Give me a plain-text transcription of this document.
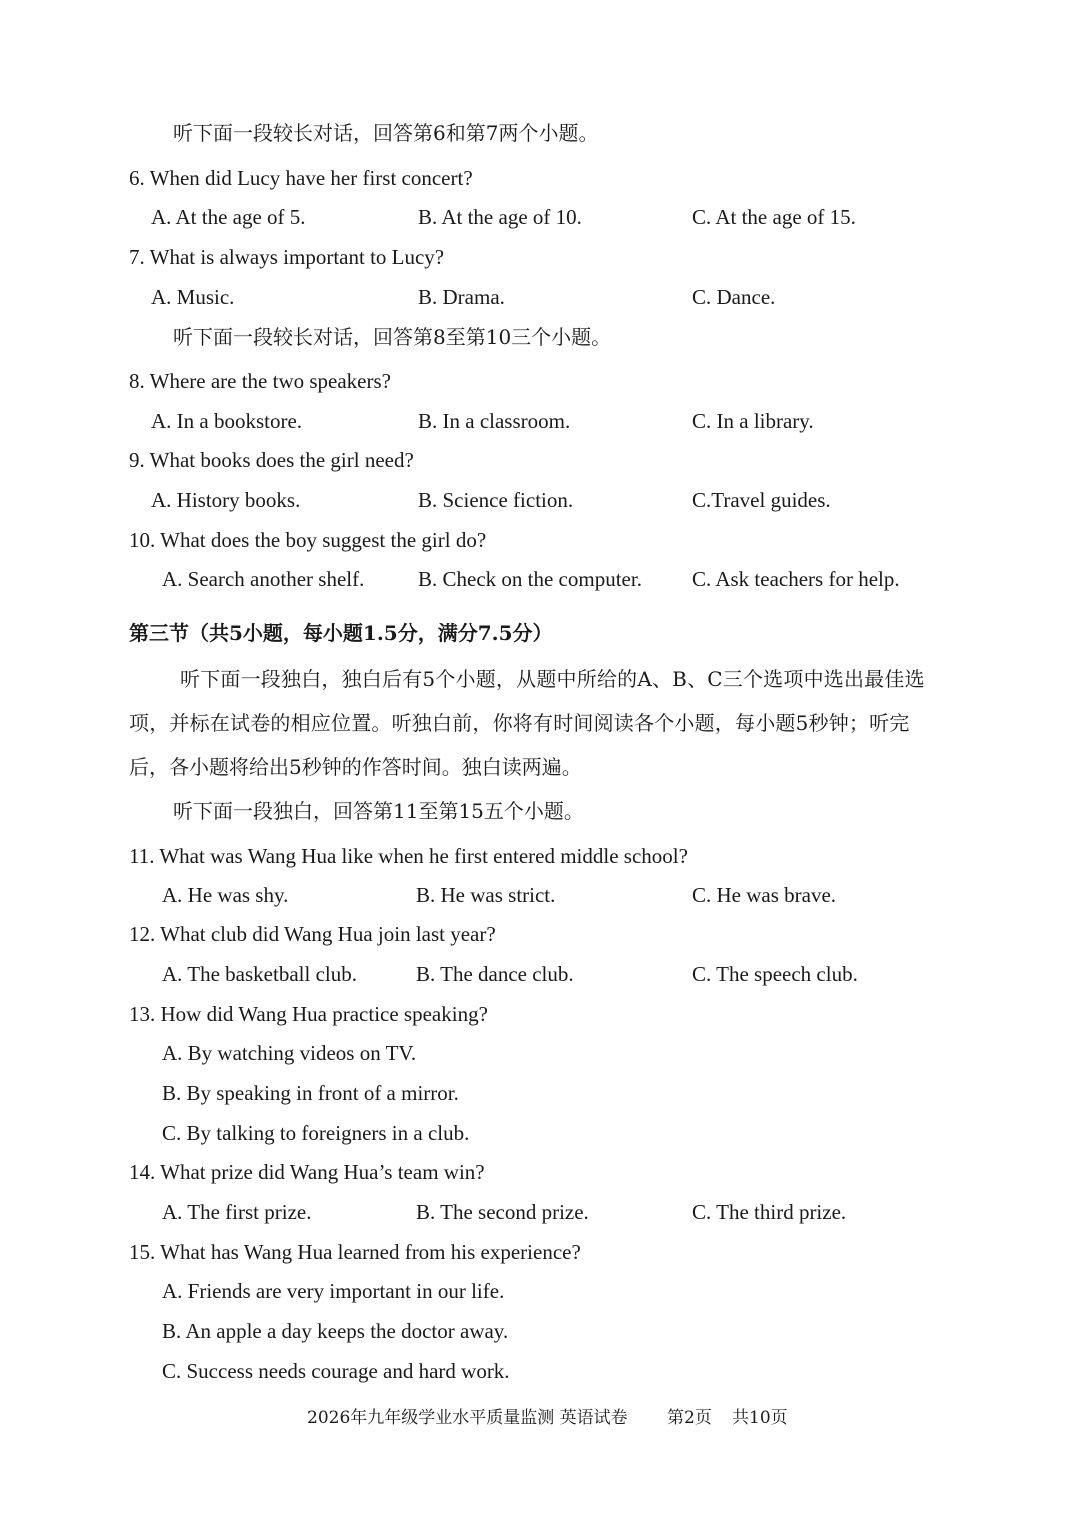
听下面一段较长对话，回答第6和第7两个小题。
6. When did Lucy have her first concert?
A. At the age of 5.	B. At the age of 10.	C. At the age of 15.
7. What is always important to Lucy?
A. Music.	B. Drama.	C. Dance.
听下面一段较长对话，回答第8至第10三个小题。
8. Where are the two speakers?
A. In a bookstore.	B. In a classroom.	C. In a library.
9. What books does the girl need?
A. History books.	B. Science fiction.	C.Travel guides.
10. What does the boy suggest the girl do?
A. Search another shelf.	B. Check on the computer. C. Ask teachers for help.
第三节（共5小题，每小题1.5分，满分7.5分）
听下面一段独白，独白后有5个小题，从题中所给的A、B、C三个选项中选出最佳选
项，并标在试卷的相应位置。听独白前，你将有时间阅读各个小题，每小题5秒钟；听完
后，各小题将给出5秒钟的作答时间。独白读两遍。
听下面一段独白，回答第11至第15五个小题。
11. What was Wang Hua like when he first entered middle school?
A. He was shy.	B. He was strict.	C. He was brave.
12. What club did Wang Hua join last year?
A. The basketball club.	B. The dance club.	C. The speech club.
13. How did Wang Hua practice speaking?
A. By watching videos on TV.
B. By speaking in front of a mirror.
C. By talking to foreigners in a club.
14. What prize did Wang Hua’s team win?
A. The first prize.	B. The second prize.	C. The third prize.
15. What has Wang Hua learned from his experience?
A. Friends are very important in our life.
B. An apple a day keeps the doctor away.
C. Success needs courage and hard work.
2026年九年级学业水平质量监测 英语试卷 第2页 共10页
